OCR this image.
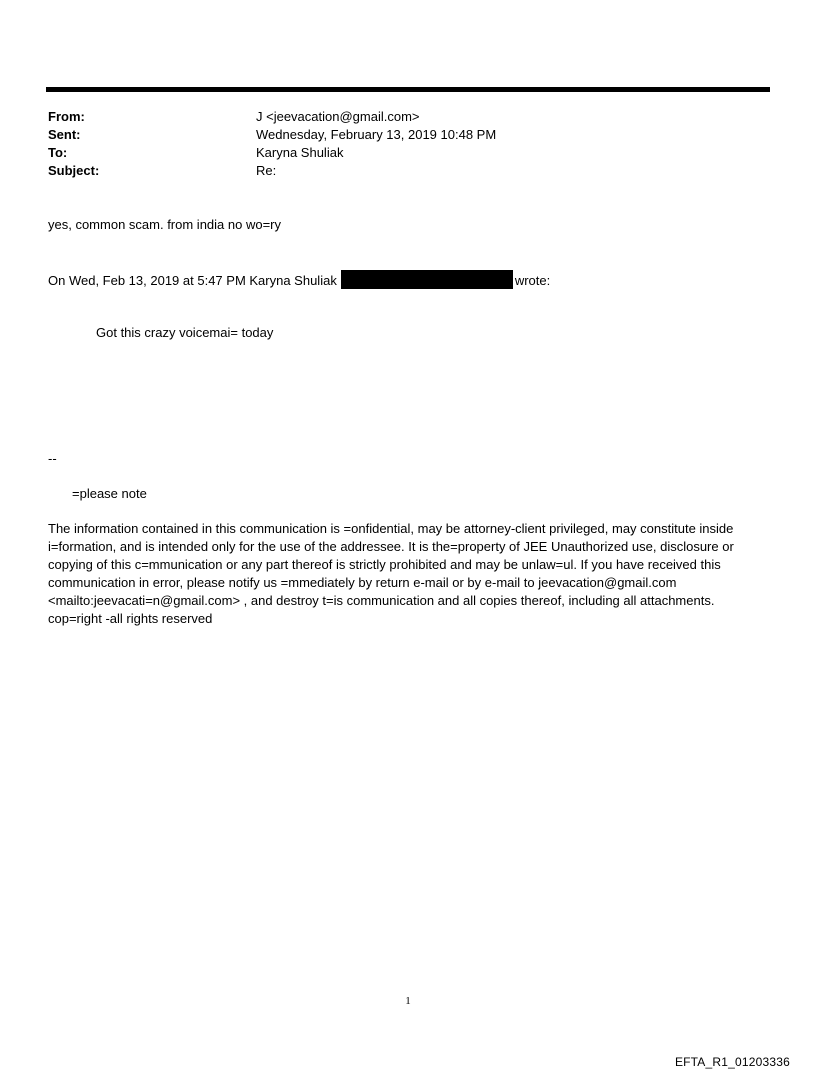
From:	J <jeevacation@gmail.com>
Sent:	Wednesday, February 13, 2019 10:48 PM
To:	Karyna Shuliak
Subject:	Re:
yes, common scam. from india no wo=ry
On Wed, Feb 13, 2019 at 5:47 PM Karyna Shuliak	wrote:
Got this crazy voicemai= today
--
=please note
The information contained in this communication is =onfidential, may be attorney-client privileged, may constitute inside i=formation, and is intended only for the use of the addressee. It is the=property of JEE Unauthorized use, disclosure or copying of this c=mmunication or any part thereof is strictly prohibited and may be unlaw=ul. If you have received this communication in error, please notify us =mmediately by return e-mail or by e-mail to jeevacation@gmail.com <mailto:jeevacati=n@gmail.com> , and destroy t=is communication and all copies thereof, including all attachments. cop=right -all rights reserved
1
EFTA_R1_01203336
